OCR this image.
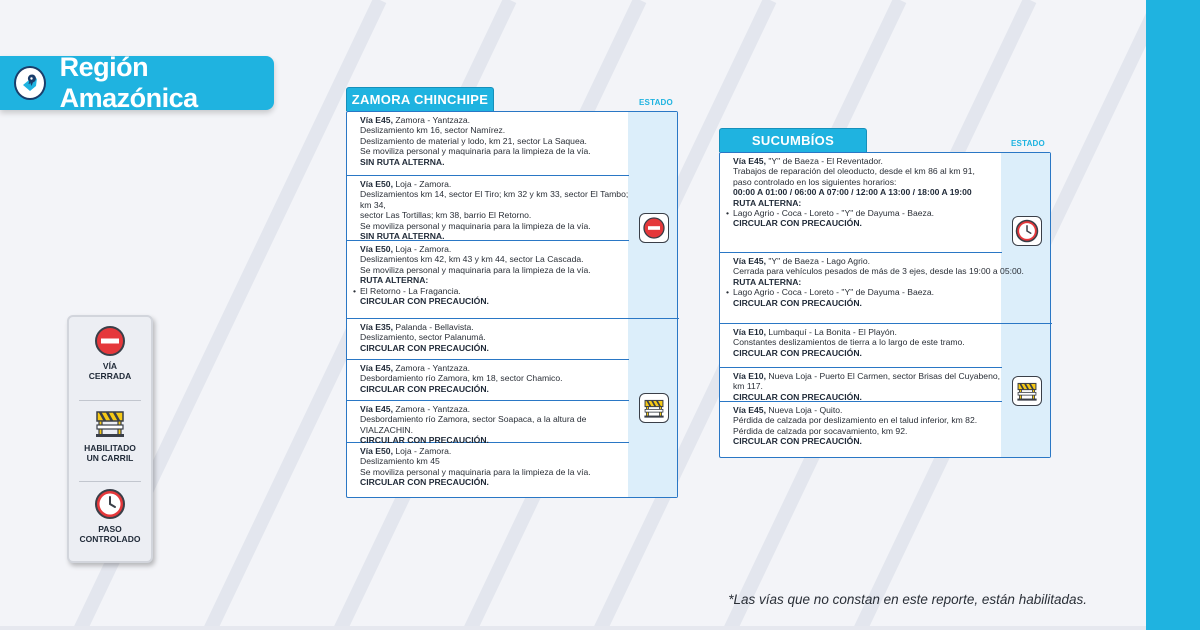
Región Amazónica
VÍA
CERRADA
HABILITADO
UN CARRIL
PASO
CONTROLADO
ZAMORA CHINCHIPE	ESTADO
Vía E45, Zamora - Yantzaza.
Deslizamiento km 16, sector Namírez.
Deslizamiento de material y lodo, km 21, sector La Saquea.
Se moviliza personal y maquinaria para la limpieza de la vía.
SIN RUTA ALTERNA.
Vía E50, Loja - Zamora.
Deslizamientos km 14, sector El Tiro; km 32 y km 33, sector El Tambo; km 34,
sector Las Tortillas; km 38, barrio El Retorno.
Se moviliza personal y maquinaria para la limpieza de la vía.
SIN RUTA ALTERNA.
Vía E50, Loja - Zamora.
Deslizamientos km 42, km 43 y km 44, sector La Cascada.
Se moviliza personal y maquinaria para la limpieza de la vía.
RUTA ALTERNA:
• El Retorno - La Fragancia.
CIRCULAR CON PRECAUCIÓN.
Vía E35, Palanda - Bellavista.
Deslizamiento, sector Palanumá.
CIRCULAR CON PRECAUCIÓN.
Vía E45, Zamora - Yantzaza.
Desbordamiento río Zamora, km 18, sector Chamico.
CIRCULAR CON PRECAUCIÓN.
Vía E45, Zamora - Yantzaza.
Desbordamiento río Zamora, sector Soapaca, a la altura de VIALZACHIN.
CIRCULAR CON PRECAUCIÓN.
Vía E50, Loja - Zamora.
Deslizamiento km 45
Se moviliza personal y maquinaria para la limpieza de la vía.
CIRCULAR CON PRECAUCIÓN.
SUCUMBÍOS	ESTADO
Vía E45, "Y" de Baeza - El Reventador.
Trabajos de reparación del oleoducto, desde el km 86 al km 91,
paso controlado en los siguientes horarios:
00:00 A 01:00 / 06:00 A 07:00 / 12:00 A 13:00 / 18:00 A 19:00
RUTA ALTERNA:
• Lago Agrio - Coca - Loreto - "Y" de Dayuma - Baeza.
CIRCULAR CON PRECAUCIÓN.
Vía E45, "Y" de Baeza - Lago Agrio.
Cerrada para vehículos pesados de más de 3 ejes, desde las 19:00 a 05:00.
RUTA ALTERNA:
• Lago Agrio - Coca - Loreto - "Y" de Dayuma - Baeza.
CIRCULAR CON PRECAUCIÓN.
Vía E10, Lumbaquí - La Bonita - El Playón.
Constantes deslizamientos de tierra a lo largo de este tramo.
CIRCULAR CON PRECAUCIÓN.
Vía E10, Nueva Loja - Puerto El Carmen, sector Brisas del Cuyabeno, km 117.
CIRCULAR CON PRECAUCIÓN.
Vía E45, Nueva Loja - Quito.
Pérdida de calzada por deslizamiento en el talud inferior, km 82.
Pérdida de calzada por socavamiento, km 92.
CIRCULAR CON PRECAUCIÓN.
*Las vías que no constan en este reporte, están habilitadas.
